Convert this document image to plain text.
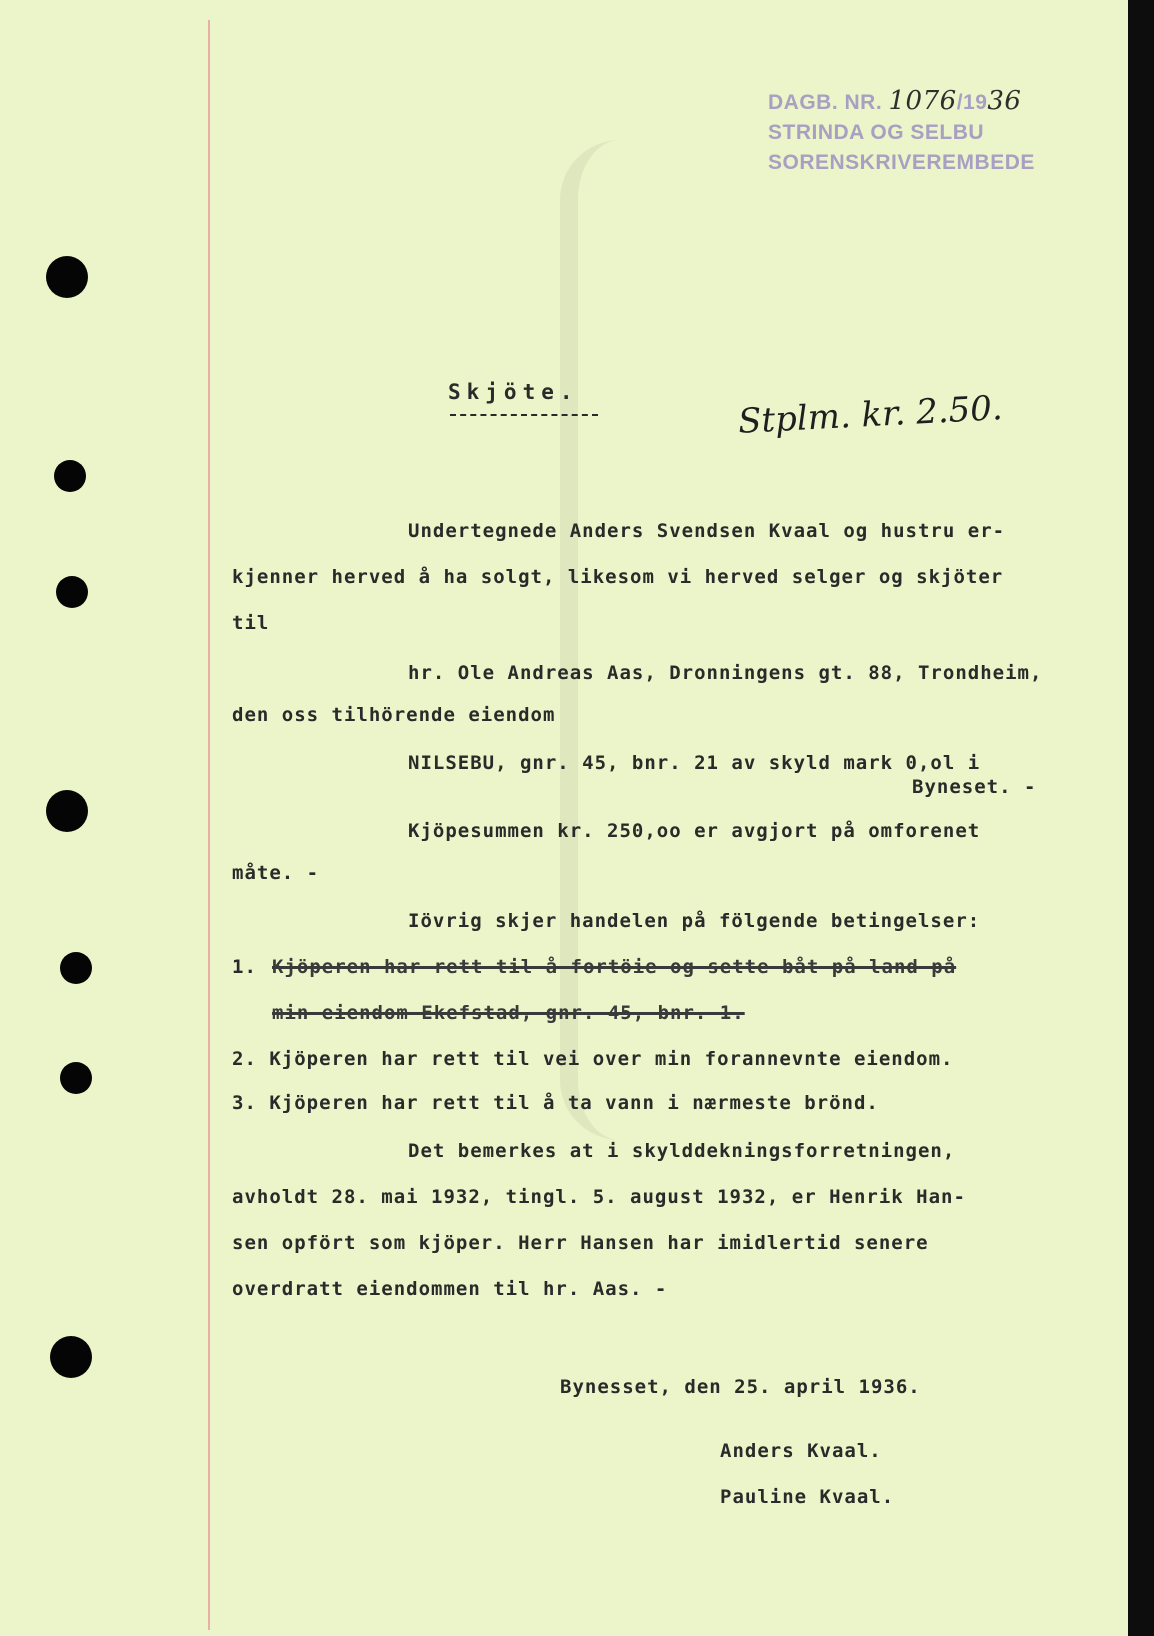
DAGB. NR. 1076/1936
STRINDA OG SELBU
SORENSKRIVEREMBEDE
Skjöte.	Stplm. kr. 2.50.
Undertegnede Anders Svendsen Kvaal og hustru er-
kjenner herved å ha solgt, likesom vi herved selger og skjöter
til
hr. Ole Andreas Aas, Dronningens gt. 88, Trondheim,
den oss tilhörende eiendom
NILSEBU, gnr. 45, bnr. 21 av skyld mark 0,ol i
Byneset. -
Kjöpesummen kr. 250,oo er avgjort på omforenet
måte. -
Iövrig skjer handelen på fölgende betingelser:
1. Kjöperen har rett til å fortöie og sette båt på land på
min eiendom Ekefstad, gnr. 45, bnr. 1.
2. Kjöperen har rett til vei over min forannevnte eiendom.
3. Kjöperen har rett til å ta vann i nærmeste brönd.
Det bemerkes at i skylddekningsforretningen,
avholdt 28. mai 1932, tingl. 5. august 1932, er Henrik Han-
sen opfört som kjöper. Herr Hansen har imidlertid senere
overdratt eiendommen til hr. Aas. -
Bynesset, den 25. april 1936.
Anders Kvaal.
Pauline Kvaal.
